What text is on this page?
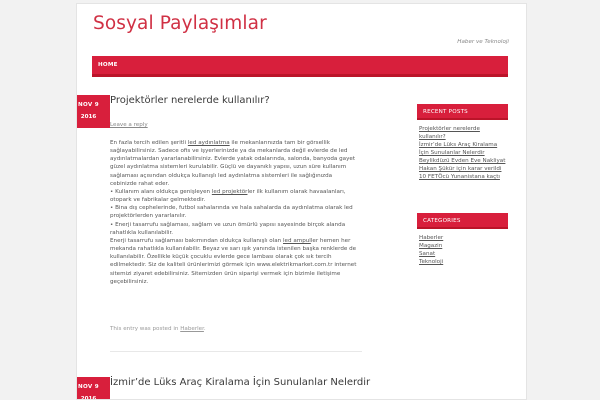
Sosyal Paylaşımlar
Haber ve Teknoloji
HOME
NOV 9
2016
Projektörler nerelerde kullanılır?
Leave a reply
En fazla tercih edilen şeritli led aydınlatma ile mekanlarınızda tam bir görsellik sağlayabilirsiniz. Sadece ofis ve işyerlerinizde ya da mekanlarda değil evlerde de led aydınlatmalardan yararlanabilirsiniz. Evlerde yatak odalarında, salonda, banyoda gayet güzel aydınlatma sistemleri kurulabilir. Güçlü ve dayanıklı yapısı, uzun süre kullanım sağlaması açısından oldukça kullanışlı led aydınlatma sistemleri ile sağlığınızda cebinizde rahat eder.
• Kullanım alanı oldukça genişleyen led projektörler ilk kullanım olarak havaalanları, otopark ve fabrikalar gelmektedir.
• Bina dış cephelerinde, futbol sahalarında ve hala sahalarda da aydınlatma olarak led projektörlerden yararlanılır.
• Enerji tasarrufu sağlaması, sağlam ve uzun ömürlü yapısı sayesinde birçok alanda rahatlıkla kullanılabilir.
Enerji tasarrufu sağlaması bakımından oldukça kullanışlı olan led ampuller hemen her mekanda rahatlıkla kullanılabilir. Beyaz ve sarı ışık yanında istenilen başka renklerde de kullanılabilir. Özellikle küçük çocuklu evlerde gece lambası olarak çok sık tercih edilmektedir. Siz de kaliteli ürünlerimizi görmek için www.elektrikmarket.com.tr internet sitemizi ziyaret edebilirsiniz. Sitemizden ürün siparişi vermek için bizimle iletişime geçebilirsiniz.
This entry was posted in Haberler.
NOV 9
2016
İzmir’de Lüks Araç Kiralama İçin Sunulanlar Nelerdir
RECENT POSTS
Projektörler nerelerde kullanılır?
İzmir’de Lüks Araç Kiralama İçin Sunulanlar Nelerdir
Beylikdüzü Evden Eve Nakliyat
Hakan Şükür için karar verildi
10 FETÖcü Yunanistana kaçtı
CATEGORIES
Haberler
Magazin
Sanat
Teknoloji
